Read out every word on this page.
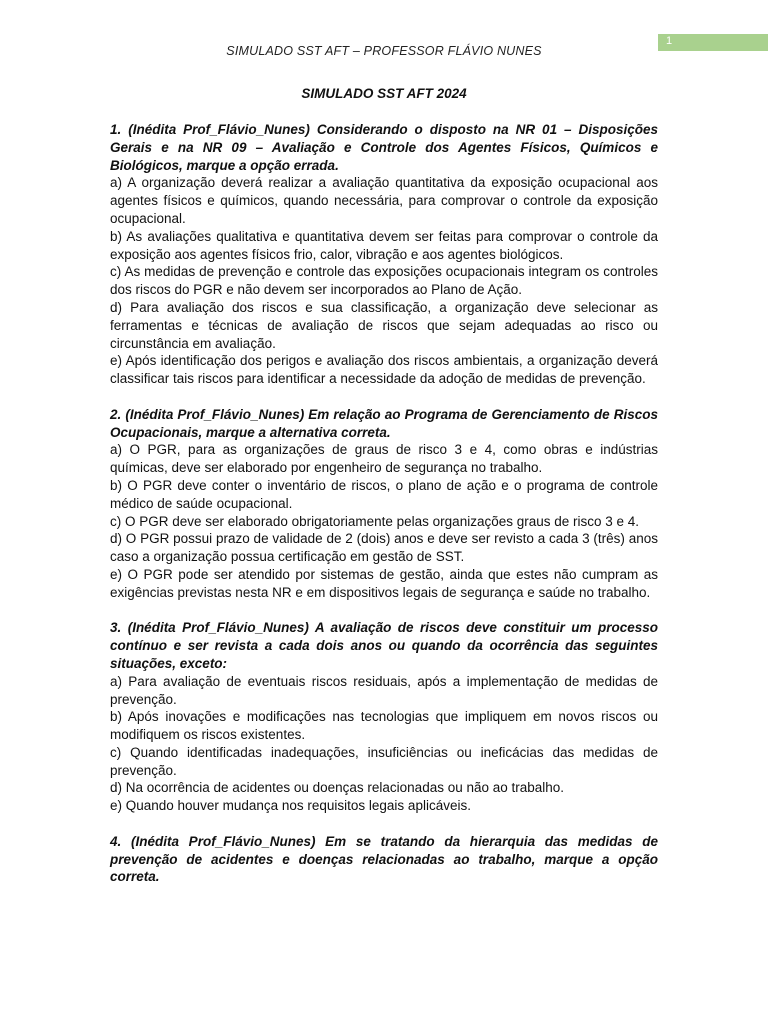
SIMULADO SST AFT – PROFESSOR FLÁVIO NUNES
1
SIMULADO SST AFT 2024

1. (Inédita Prof_Flávio_Nunes) Considerando o disposto na NR 01 – Disposições Gerais e na NR 09 – Avaliação e Controle dos Agentes Físicos, Químicos e Biológicos, marque a opção errada.

a) A organização deverá realizar a avaliação quantitativa da exposição ocupacional aos agentes físicos e químicos, quando necessária, para comprovar o controle da exposição ocupacional.

b) As avaliações qualitativa e quantitativa devem ser feitas para comprovar o controle da exposição aos agentes físicos frio, calor, vibração e aos agentes biológicos.

c) As medidas de prevenção e controle das exposições ocupacionais integram os controles dos riscos do PGR e não devem ser incorporados ao Plano de Ação.

d) Para avaliação dos riscos e sua classificação, a organização deve selecionar as ferramentas e técnicas de avaliação de riscos que sejam adequadas ao risco ou circunstância em avaliação.

e) Após identificação dos perigos e avaliação dos riscos ambientais, a organização deverá classificar tais riscos para identificar a necessidade da adoção de medidas de prevenção.

2. (Inédita Prof_Flávio_Nunes) Em relação ao Programa de Gerenciamento de Riscos Ocupacionais, marque a alternativa correta.

a) O PGR, para as organizações de graus de risco 3 e 4, como obras e indústrias químicas, deve ser elaborado por engenheiro de segurança no trabalho.

b) O PGR deve conter o inventário de riscos, o plano de ação e o programa de controle médico de saúde ocupacional.

c) O PGR deve ser elaborado obrigatoriamente pelas organizações graus de risco 3 e 4.

d) O PGR possui prazo de validade de 2 (dois) anos e deve ser revisto a cada 3 (três) anos caso a organização possua certificação em gestão de SST.

e) O PGR pode ser atendido por sistemas de gestão, ainda que estes não cumpram as exigências previstas nesta NR e em dispositivos legais de segurança e saúde no trabalho.

3. (Inédita Prof_Flávio_Nunes) A avaliação de riscos deve constituir um processo contínuo e ser revista a cada dois anos ou quando da ocorrência das seguintes situações, exceto:

a) Para avaliação de eventuais riscos residuais, após a implementação de medidas de prevenção.

b) Após inovações e modificações nas tecnologias que impliquem em novos riscos ou modifiquem os riscos existentes.

c) Quando identificadas inadequações, insuficiências ou ineficácias das medidas de prevenção.

d) Na ocorrência de acidentes ou doenças relacionadas ou não ao trabalho.

e) Quando houver mudança nos requisitos legais aplicáveis.

4. (Inédita Prof_Flávio_Nunes) Em se tratando da hierarquia das medidas de prevenção de acidentes e doenças relacionadas ao trabalho, marque a opção correta.
